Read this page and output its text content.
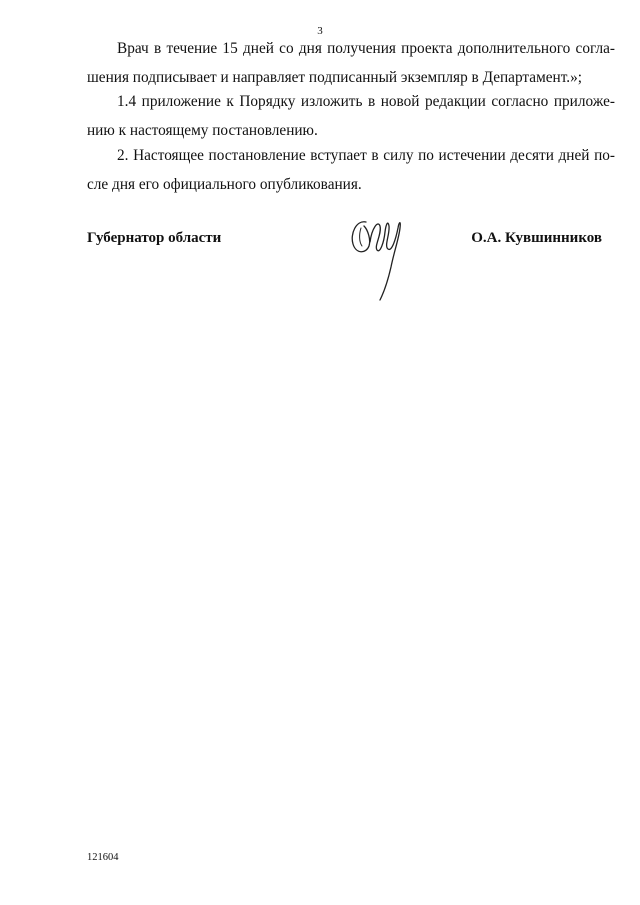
3

Врач в течение 15 дней со дня получения проекта дополнительного согла-
шения подписывает и направляет подписанный экземпляр в Департамент.»;

1.4 приложение к Порядку изложить в новой редакции согласно приложе-
нию к настоящему постановлению.

2. Настоящее постановление вступает в силу по истечении десяти дней по-
сле дня его официального опубликования.

Губернатор области	О.А. Кувшинников
121604
